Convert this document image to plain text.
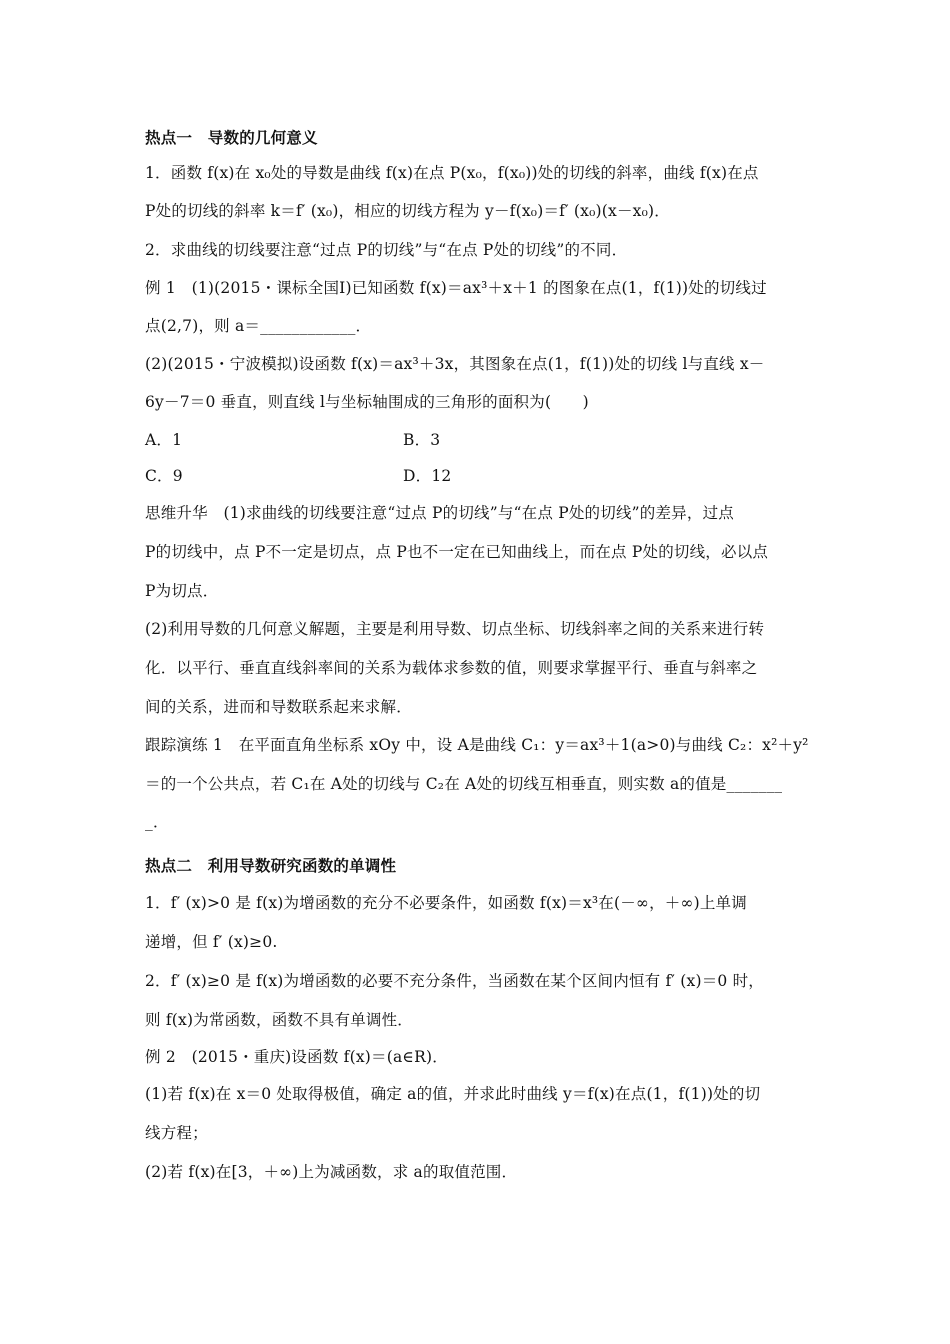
热点一　导数的几何意义
1．函数 f(x)在 x₀处的导数是曲线 f(x)在点 P(x₀，f(x₀))处的切线的斜率，曲线 f(x)在点
P处的切线的斜率 k＝f′ (x₀)，相应的切线方程为 y－f(x₀)＝f′ (x₀)(x－x₀)．
2．求曲线的切线要注意“过点 P的切线”与“在点 P处的切线”的不同．
例 1　(1)(2015・课标全国Ⅰ)已知函数 f(x)＝ax³＋x＋1 的图象在点(1，f(1))处的切线过
点(2,7)，则 a＝____________．
(2)(2015・宁波模拟)设函数 f(x)＝ax³＋3x，其图象在点(1，f(1))处的切线 l与直线 x－
6y－7＝0 垂直，则直线 l与坐标轴围成的三角形的面积为(　　)
A．1	B．3
C．9	D．12
思维升华　(1)求曲线的切线要注意“过点 P的切线”与“在点 P处的切线”的差异，过点
P的切线中，点 P不一定是切点，点 P也不一定在已知曲线上，而在点 P处的切线，必以点
P为切点．
(2)利用导数的几何意义解题，主要是利用导数、切点坐标、切线斜率之间的关系来进行转
化．以平行、垂直直线斜率间的关系为载体求参数的值，则要求掌握平行、垂直与斜率之
间的关系，进而和导数联系起来求解．
跟踪演练 1　在平面直角坐标系 xOy 中，设 A是曲线 C₁：y＝ax³＋1(a>0)与曲线 C₂：x²＋y²
＝的一个公共点，若 C₁在 A处的切线与 C₂在 A处的切线互相垂直，则实数 a的值是_______
_．
热点二　利用导数研究函数的单调性
1．f′ (x)>0 是 f(x)为增函数的充分不必要条件，如函数 f(x)＝x³在(－∞，＋∞)上单调
递增，但 f′ (x)≥0.
2．f′ (x)≥0 是 f(x)为增函数的必要不充分条件，当函数在某个区间内恒有 f′ (x)＝0 时，
则 f(x)为常函数，函数不具有单调性．
例 2　(2015・重庆)设函数 f(x)＝(a∈R)．
(1)若 f(x)在 x＝0 处取得极值，确定 a的值，并求此时曲线 y＝f(x)在点(1，f(1))处的切
线方程；
(2)若 f(x)在[3，＋∞)上为减函数，求 a的取值范围．
